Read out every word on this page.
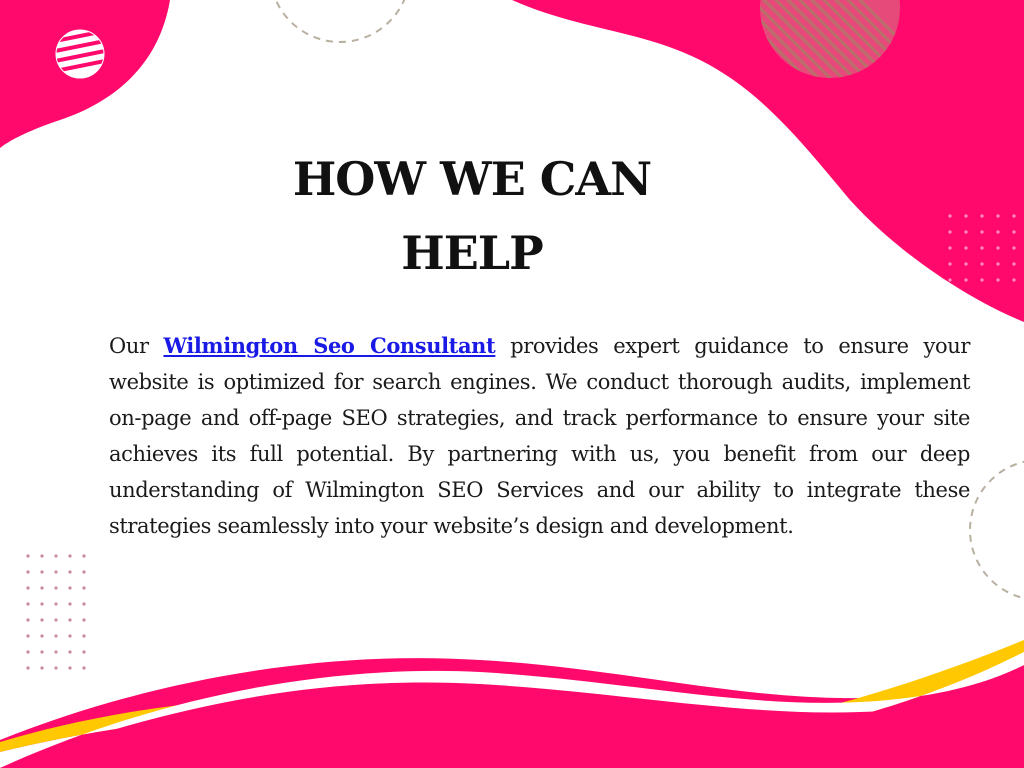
HOW WE CAN
HELP

Our Wilmington Seo Consultant provides expert guidance to ensure your website is optimized for search engines. We conduct thorough audits, implement on-page and off-page SEO strategies, and track performance to ensure your site achieves its full potential. By partnering with us, you benefit from our deep understanding of Wilmington SEO Services and our ability to integrate these strategies seamlessly into your website’s design and development.
